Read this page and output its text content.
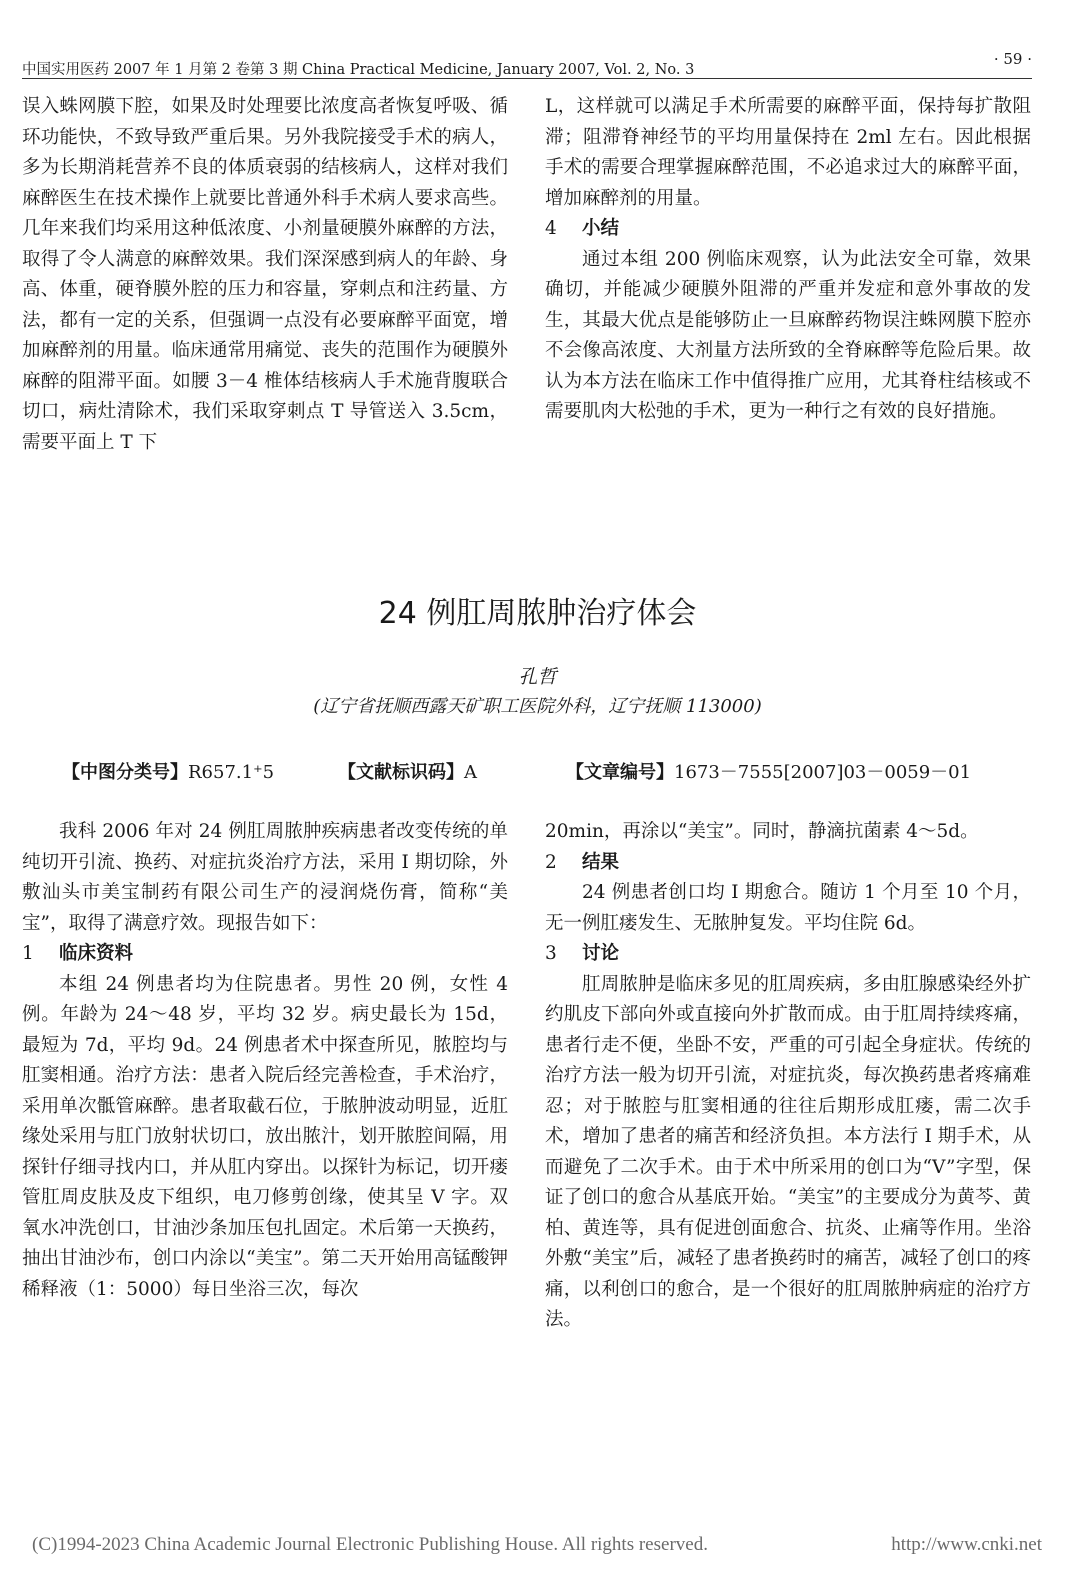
中国实用医药 2007 年 1 月第 2 卷第 3 期 China Practical Medicine, January 2007, Vol. 2, No. 3
· 59 ·

误入蛛网膜下腔，如果及时处理要比浓度高者恢复呼吸、循环功能快，不致导致严重后果。另外我院接受手术的病人，多为长期消耗营养不良的体质衰弱的结核病人，这样对我们麻醉医生在技术操作上就要比普通外科手术病人要求高些。几年来我们均采用这种低浓度、小剂量硬膜外麻醉的方法，取得了令人满意的麻醉效果。我们深深感到病人的年龄、身高、体重，硬脊膜外腔的压力和容量，穿刺点和注药量、方法，都有一定的关系，但强调一点没有必要麻醉平面宽，增加麻醉剂的用量。临床通常用痛觉、丧失的范围作为硬膜外麻醉的阻滞平面。如腰 3－4 椎体结核病人手术施背腹联合切口，病灶清除术，我们采取穿刺点 T 导管送入 3.5cm，需要平面上 T 下

L，这样就可以满足手术所需要的麻醉平面，保持每扩散阻滞；阻滞脊神经节的平均用量保持在 2ml 左右。因此根据手术的需要合理掌握麻醉范围，不必追求过大的麻醉平面，增加麻醉剂的用量。

4 小结

通过本组 200 例临床观察，认为此法安全可靠，效果确切，并能减少硬膜外阻滞的严重并发症和意外事故的发生，其最大优点是能够防止一旦麻醉药物误注蛛网膜下腔亦不会像高浓度、大剂量方法所致的全脊麻醉等危险后果。故认为本方法在临床工作中值得推广应用，尤其脊柱结核或不需要肌肉大松弛的手术，更为一种行之有效的良好措施。

24 例肛周脓肿治疗体会
孔哲
(辽宁省抚顺西露天矿职工医院外科，辽宁抚顺 113000)
【中图分类号】R657.1⁺5	【文献标识码】A	【文章编号】1673－7555[2007]03－0059－01

我科 2006 年对 24 例肛周脓肿疾病患者改变传统的单纯切开引流、换药、对症抗炎治疗方法，采用 I 期切除，外敷汕头市美宝制药有限公司生产的浸润烧伤膏，简称“美宝”，取得了满意疗效。现报告如下：

1 临床资料

本组 24 例患者均为住院患者。男性 20 例，女性 4 例。年龄为 24～48 岁，平均 32 岁。病史最长为 15d，最短为 7d，平均 9d。24 例患者术中探查所见，脓腔均与肛窦相通。治疗方法：患者入院后经完善检查，手术治疗，采用单次骶管麻醉。患者取截石位，于脓肿波动明显，近肛缘处采用与肛门放射状切口，放出脓汁，划开脓腔间隔，用探针仔细寻找内口，并从肛内穿出。以探针为标记，切开瘘管肛周皮肤及皮下组织，电刀修剪创缘，使其呈 V 字。双氧水冲洗创口，甘油沙条加压包扎固定。术后第一天换药，抽出甘油沙布，创口内涂以“美宝”。第二天开始用高锰酸钾稀释液（1：5000）每日坐浴三次，每次

20min，再涂以“美宝”。同时，静滴抗菌素 4～5d。

2 结果

24 例患者创口均 I 期愈合。随访 1 个月至 10 个月，无一例肛瘘发生、无脓肿复发。平均住院 6d。

3 讨论

肛周脓肿是临床多见的肛周疾病，多由肛腺感染经外扩约肌皮下部向外或直接向外扩散而成。由于肛周持续疼痛，患者行走不便，坐卧不安，严重的可引起全身症状。传统的治疗方法一般为切开引流，对症抗炎，每次换药患者疼痛难忍；对于脓腔与肛窦相通的往往后期形成肛瘘，需二次手术，增加了患者的痛苦和经济负担。本方法行 I 期手术，从而避免了二次手术。由于术中所采用的创口为“V”字型，保证了创口的愈合从基底开始。“美宝”的主要成分为黄芩、黄柏、黄连等，具有促进创面愈合、抗炎、止痛等作用。坐浴外敷“美宝”后，减轻了患者换药时的痛苦，减轻了创口的疼痛，以利创口的愈合，是一个很好的肛周脓肿病症的治疗方法。

(C)1994-2023 China Academic Journal Electronic Publishing House. All rights reserved.	http://www.cnki.net
